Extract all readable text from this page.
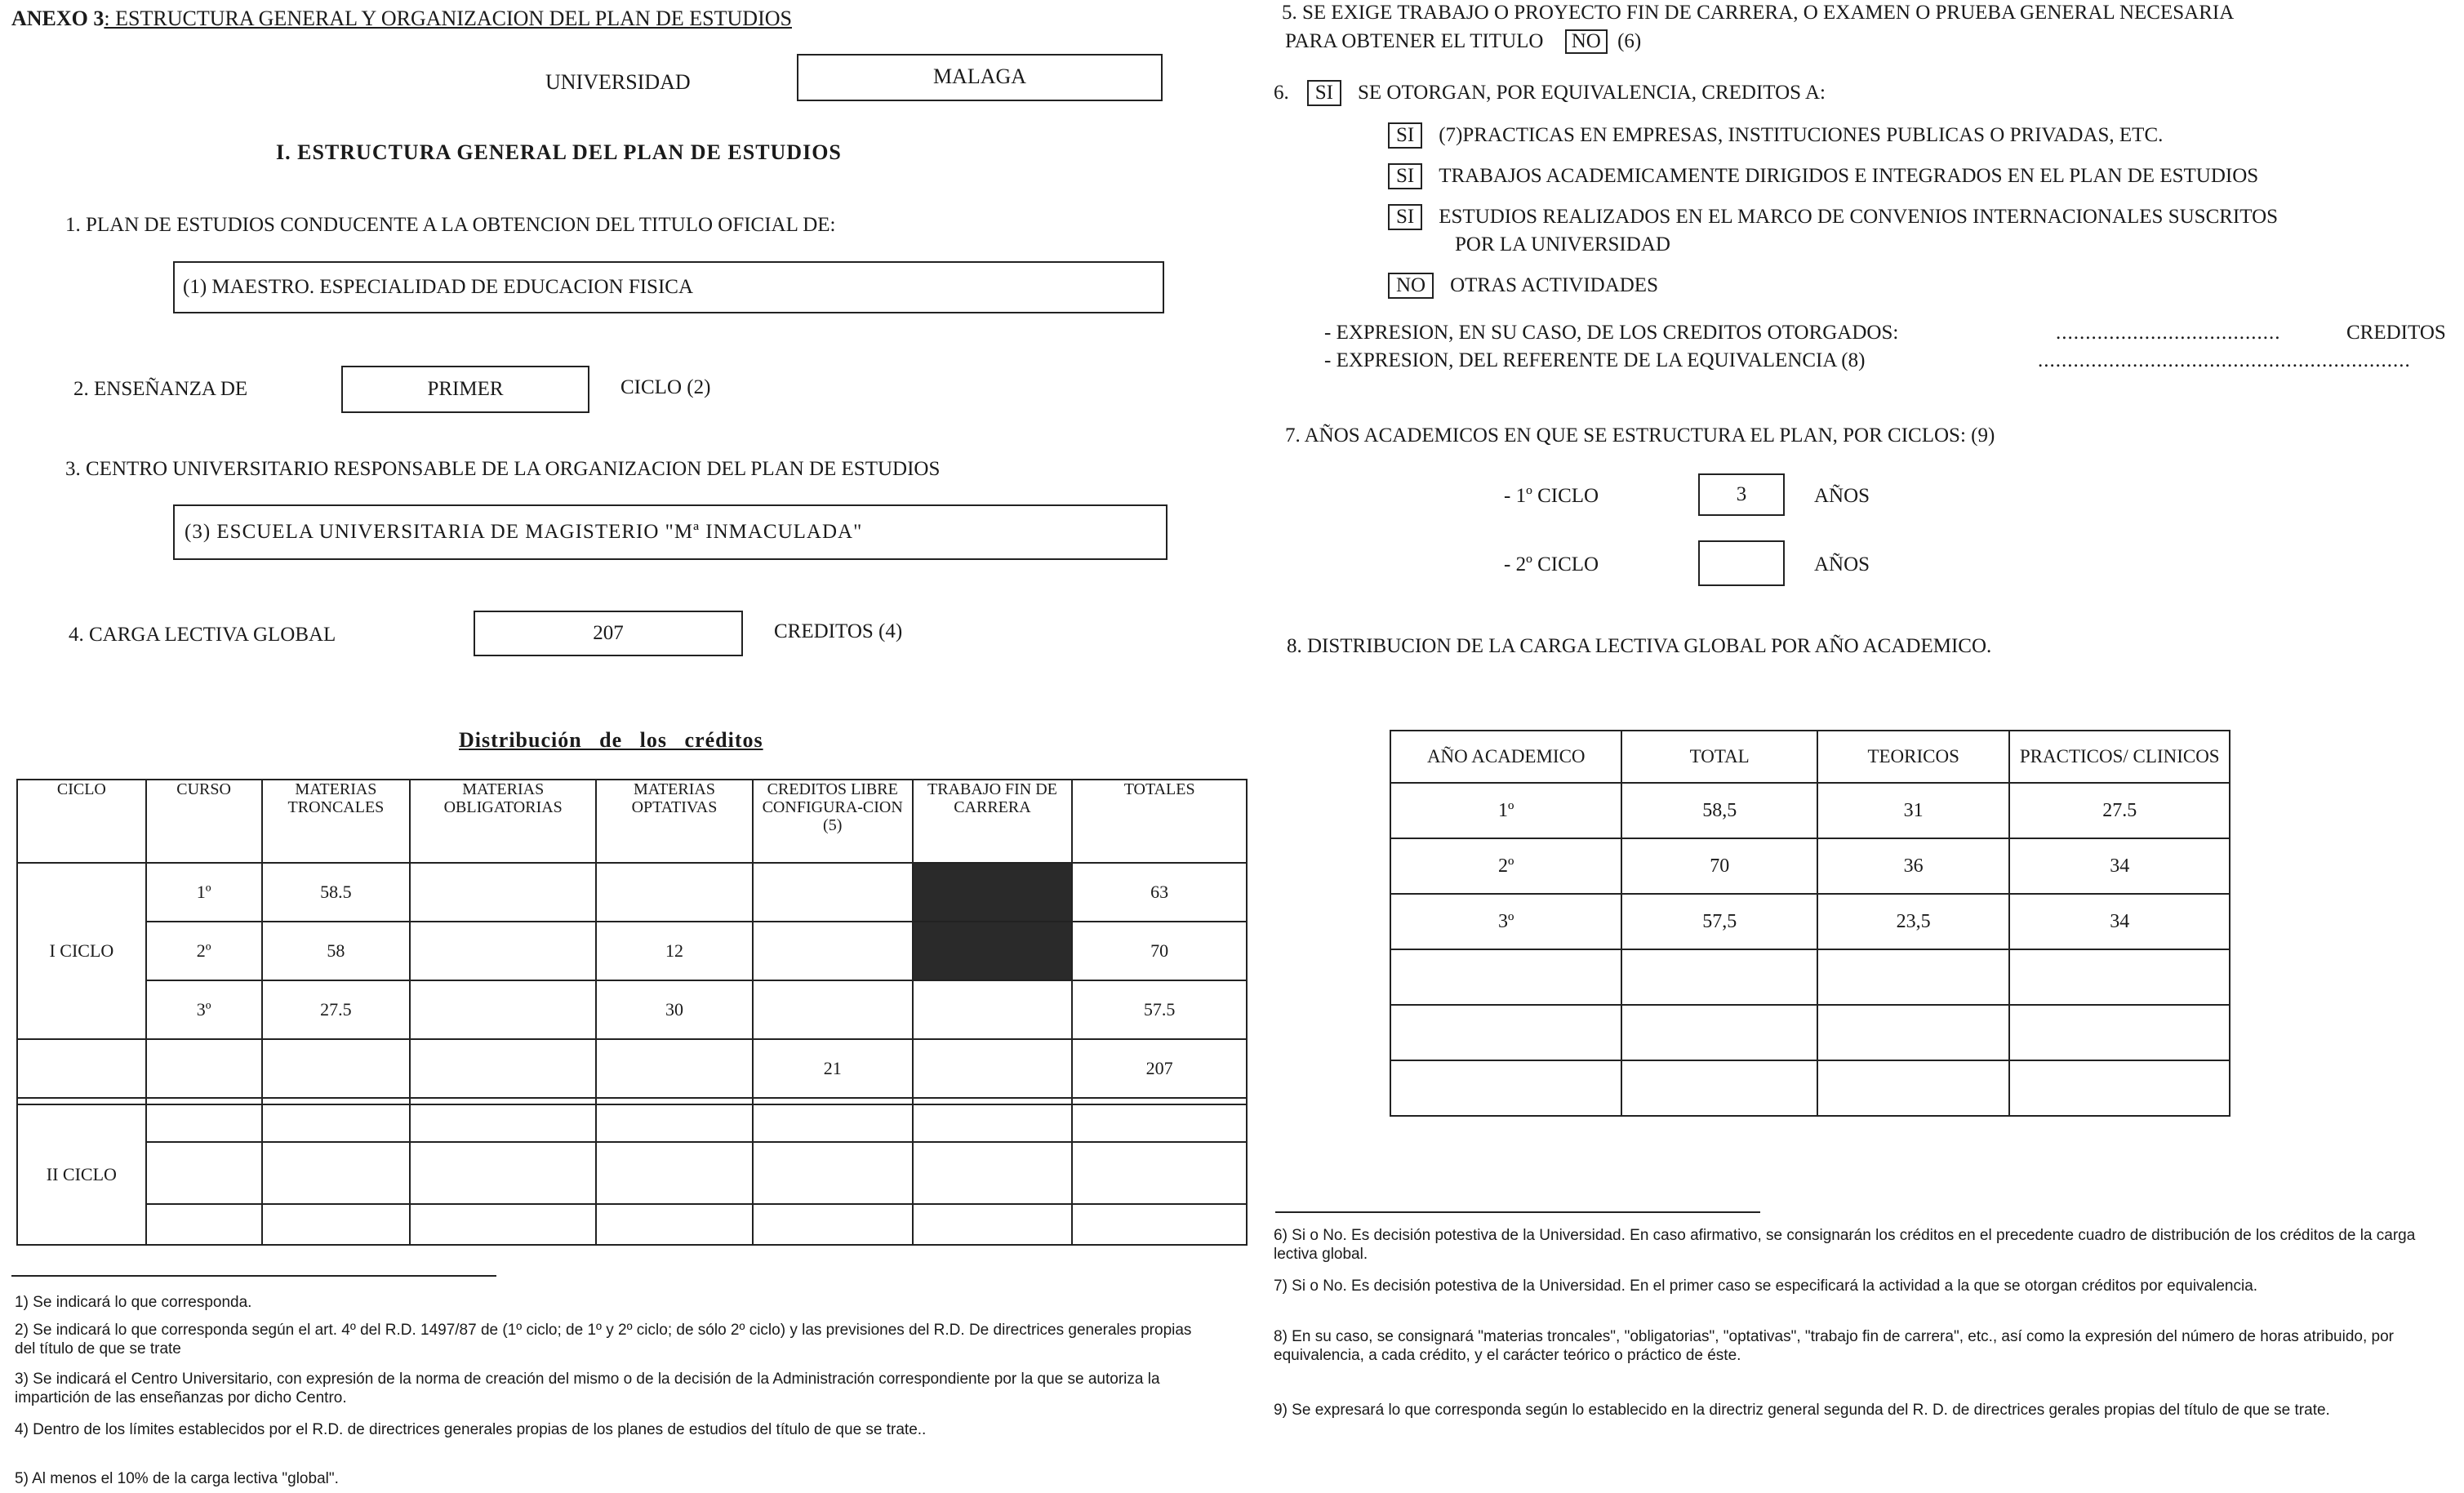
ANEXO 3: ESTRUCTURA GENERAL Y ORGANIZACION DEL PLAN DE ESTUDIOS
UNIVERSIDAD	MALAGA
I. ESTRUCTURA GENERAL DEL PLAN DE ESTUDIOS
1. PLAN DE ESTUDIOS CONDUCENTE A LA OBTENCION DEL TITULO OFICIAL DE:
(1) MAESTRO. ESPECIALIDAD DE EDUCACION FISICA
2. ENSEÑANZA DE	PRIMER	CICLO (2)
3. CENTRO UNIVERSITARIO RESPONSABLE DE LA ORGANIZACION DEL PLAN DE ESTUDIOS
(3) ESCUELA UNIVERSITARIA DE MAGISTERIO "Mª INMACULADA"
4. CARGA LECTIVA GLOBAL	207	CREDITOS (4)
Distribución de los créditos
CICLO	CURSO	MATERIAS TRONCALES	MATERIAS OBLIGATORIAS	MATERIAS OPTATIVAS	CREDITOS LIBRE CONFIGURA-CION (5)	TRABAJO FIN DE CARRERA	TOTALES
I CICLO	1º	58.5					63
	2º	58		12			70
	3º	27.5		30			57.5
					21		207

II CICLO							

1) Se indicará lo que corresponda.
2) Se indicará lo que corresponda según el art. 4º del R.D. 1497/87 de (1º ciclo; de 1º y 2º ciclo; de sólo 2º ciclo) y las previsiones del R.D. De directrices generales propias del título de que se trate
3) Se indicará el Centro Universitario, con expresión de la norma de creación del mismo o de la decisión de la Administración correspondiente por la que se autoriza la impartición de las enseñanzas por dicho Centro.
4) Dentro de los límites establecidos por el R.D. de directrices generales propias de los planes de estudios del título de que se trate..
5) Al menos el 10% de la carga lectiva "global".
5. SE EXIGE TRABAJO O PROYECTO FIN DE CARRERA, O EXAMEN O PRUEBA GENERAL NECESARIA
PARA OBTENER EL TITULO NO (6)
6. SI SE OTORGAN, POR EQUIVALENCIA, CREDITOS A:
SI (7)PRACTICAS EN EMPRESAS, INSTITUCIONES PUBLICAS O PRIVADAS, ETC.
SI TRABAJOS ACADEMICAMENTE DIRIGIDOS E INTEGRADOS EN EL PLAN DE ESTUDIOS
SI ESTUDIOS REALIZADOS EN EL MARCO DE CONVENIOS INTERNACIONALES SUSCRITOS
POR LA UNIVERSIDAD
NO OTRAS ACTIVIDADES
- EXPRESION, EN SU CASO, DE LOS CREDITOS OTORGADOS:	......................................	CREDITOS
- EXPRESION, DEL REFERENTE DE LA EQUIVALENCIA (8)	...............................................................
7. AÑOS ACADEMICOS EN QUE SE ESTRUCTURA EL PLAN, POR CICLOS: (9)
- 1º CICLO	3	AÑOS
- 2º CICLO	AÑOS
8. DISTRIBUCION DE LA CARGA LECTIVA GLOBAL POR AÑO ACADEMICO.
AÑO ACADEMICO	TOTAL	TEORICOS	PRACTICOS/ CLINICOS
1º	58,5	31	27.5
2º	70	36	34
3º	57,5	23,5	34

6) Si o No. Es decisión potestiva de la Universidad. En caso afirmativo, se consignarán los créditos en el precedente cuadro de distribución de los créditos de la carga lectiva global.
7) Si o No. Es decisión potestiva de la Universidad. En el primer caso se especificará la actividad a la que se otorgan créditos por equivalencia.
8) En su caso, se consignará "materias troncales", "obligatorias", "optativas", "trabajo fin de carrera", etc., así como la expresión del número de horas atribuido, por equivalencia, a cada crédito, y el carácter teórico o práctico de éste.
9) Se expresará lo que corresponda según lo establecido en la directriz general segunda del R. D. de directrices gerales propias del título de que se trate.
